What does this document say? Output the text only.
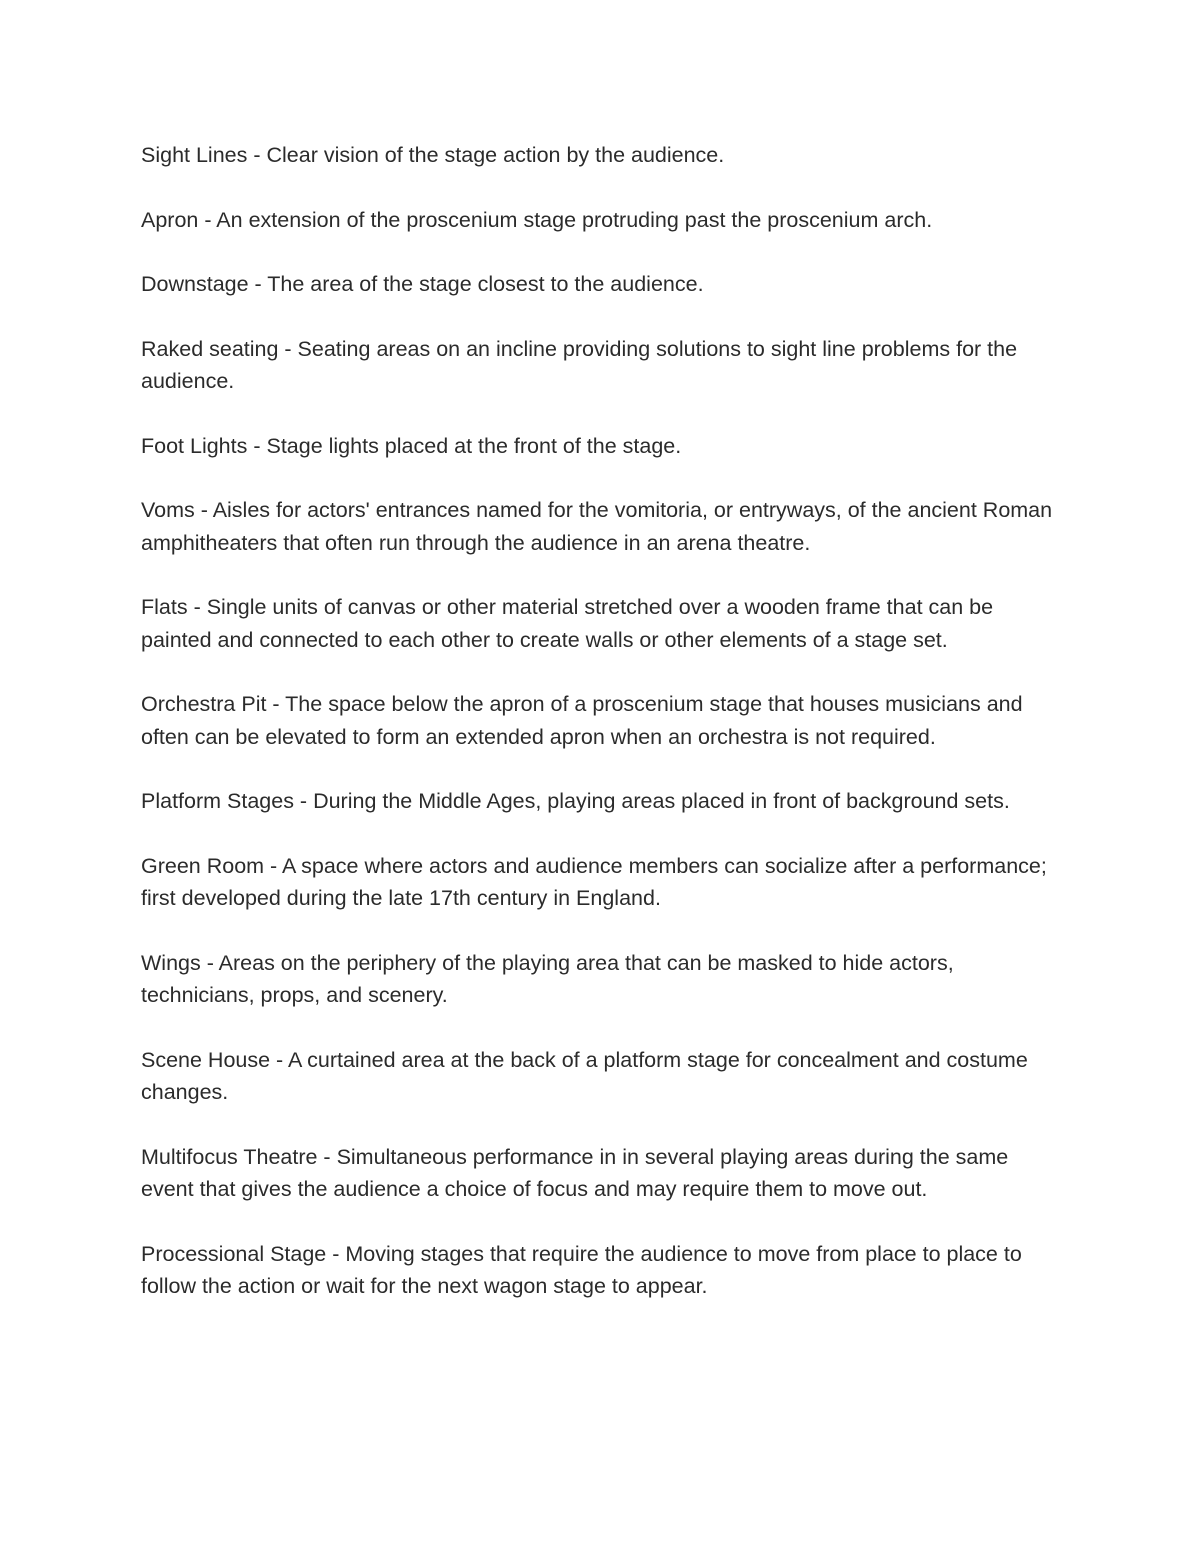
Sight Lines - Clear vision of the stage action by the audience.

Apron - An extension of the proscenium stage protruding past the proscenium arch.

Downstage - The area of the stage closest to the audience.

Raked seating - Seating areas on an incline providing solutions to sight line problems for the audience.

Foot Lights - Stage lights placed at the front of the stage.

Voms - Aisles for actors' entrances named for the vomitoria, or entryways, of the ancient Roman amphitheaters that often run through the audience in an arena theatre.

Flats - Single units of canvas or other material stretched over a wooden frame that can be painted and connected to each other to create walls or other elements of a stage set.

Orchestra Pit - The space below the apron of a proscenium stage that houses musicians and often can be elevated to form an extended apron when an orchestra is not required.

Platform Stages - During the Middle Ages, playing areas placed in front of background sets.

Green Room - A space where actors and audience members can socialize after a performance; first developed during the late 17th century in England.

Wings - Areas on the periphery of the playing area that can be masked to hide actors, technicians, props, and scenery.

Scene House - A curtained area at the back of a platform stage for concealment and costume changes.

Multifocus Theatre - Simultaneous performance in in several playing areas during the same event that gives the audience a choice of focus and may require them to move out.

Processional Stage - Moving stages that require the audience to move from place to place to follow the action or wait for the next wagon stage to appear.
